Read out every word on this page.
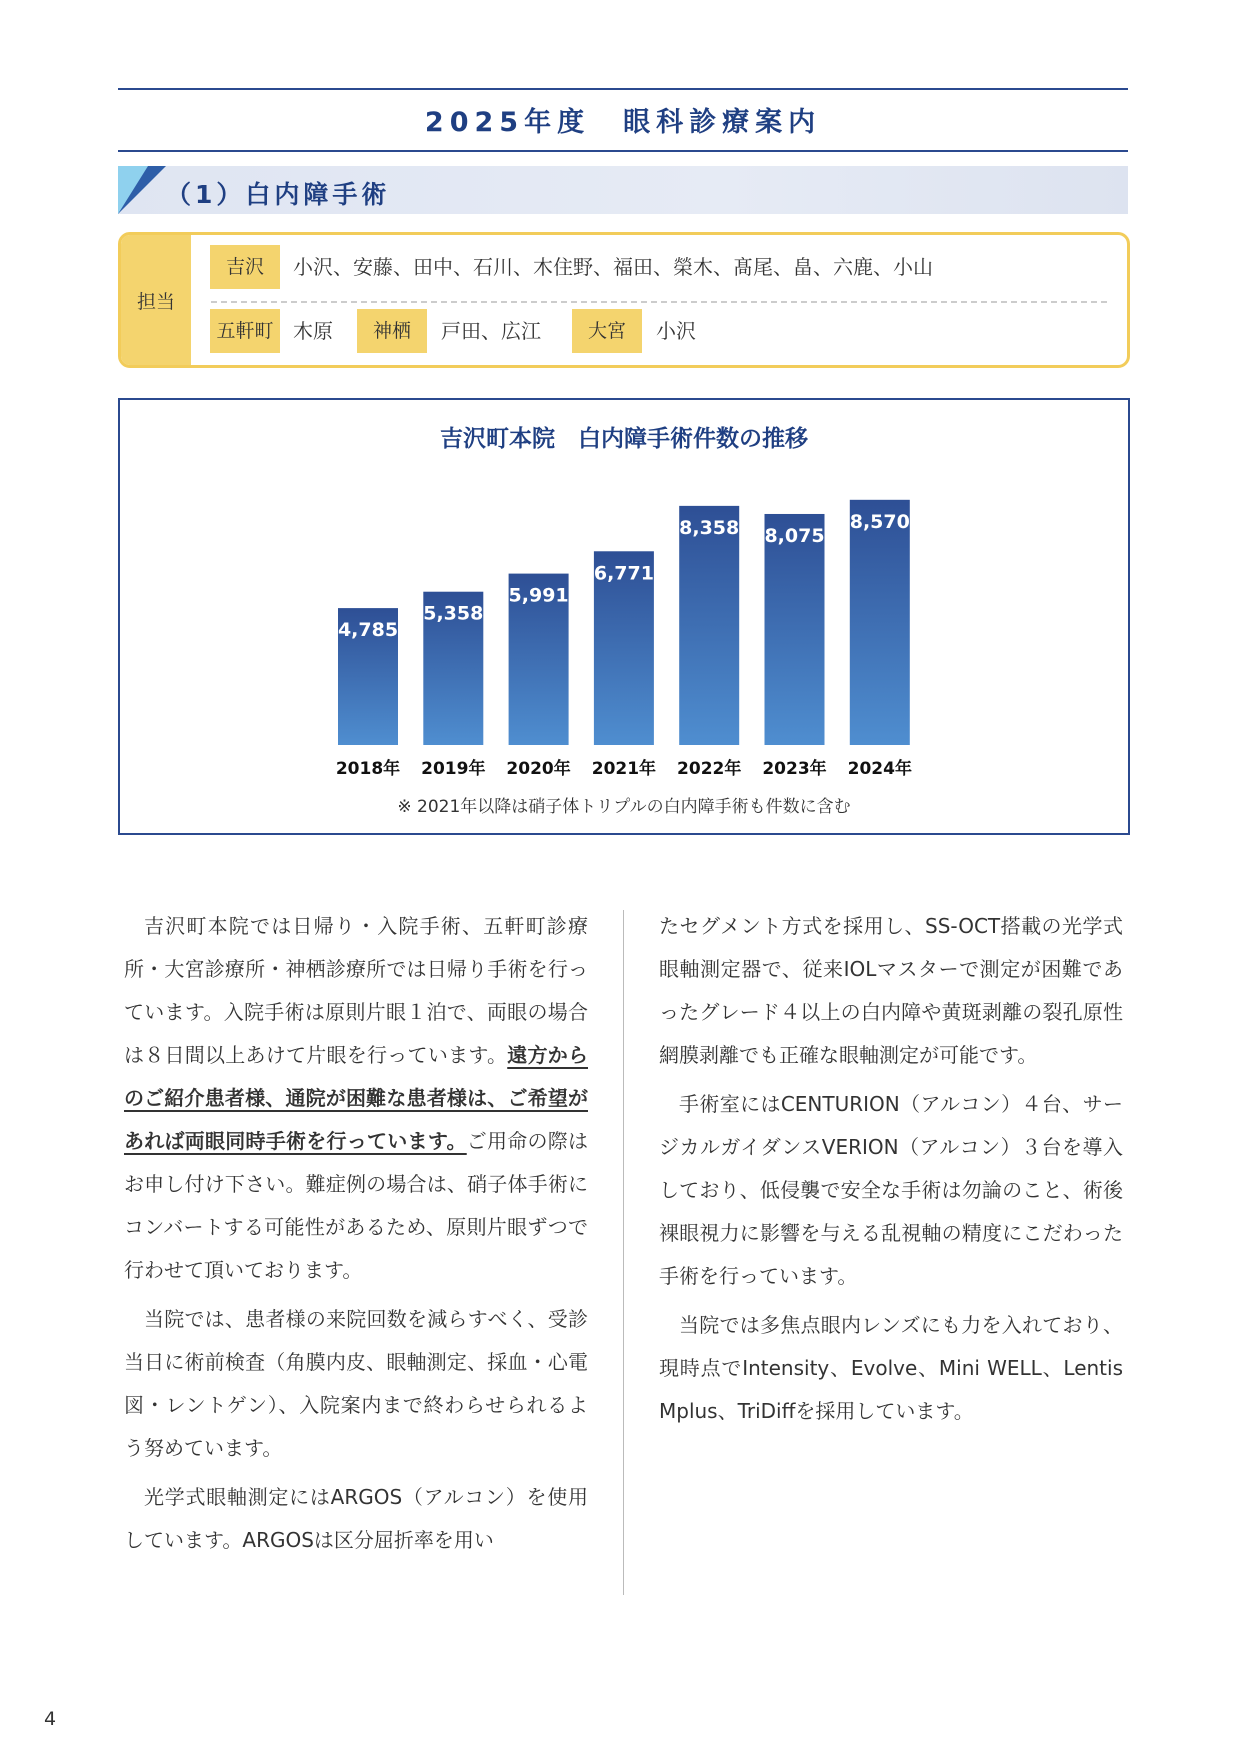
2025年度　眼科診療案内
（1）白内障手術
担当
吉沢	小沢、安藤、田中、石川、木住野、福田、榮木、髙尾、畠、六鹿、小山
五軒町 木原	神栖	戸田、広江	大宮	小沢
吉沢町本院　白内障手術件数の推移
4,785
2018年
5,358
2019年
5,991
2020年
6,771
2021年
8,358
2022年
8,075
2023年
8,570
2024年
※ 2021年以降は硝子体トリプルの白内障手術も件数に含む

吉沢町本院では日帰り・入院手術、五軒町診療所・大宮診療所・神栖診療所では日帰り手術を行っています。入院手術は原則片眼１泊で、両眼の場合は８日間以上あけて片眼を行っています。遠方からのご紹介患者様、通院が困難な患者様は、ご希望があれば両眼同時手術を行っています。ご用命の際はお申し付け下さい。難症例の場合は、硝子体手術にコンバートする可能性があるため、原則片眼ずつで行わせて頂いております。

当院では、患者様の来院回数を減らすべく、受診当日に術前検査（角膜内皮、眼軸測定、採血・心電図・レントゲン）、入院案内まで終わらせられるよう努めています。

光学式眼軸測定にはARGOS（アルコン）を使用しています。ARGOSは区分屈折率を用い

たセグメント方式を採用し、SS-OCT搭載の光学式眼軸測定器で、従来IOLマスターで測定が困難であったグレード４以上の白内障や黄斑剥離の裂孔原性網膜剥離でも正確な眼軸測定が可能です。

手術室にはCENTURION（アルコン）４台、サージカルガイダンスVERION（アルコン）３台を導入しており、低侵襲で安全な手術は勿論のこと、術後裸眼視力に影響を与える乱視軸の精度にこだわった手術を行っています。

当院では多焦点眼内レンズにも力を入れており、現時点でIntensity、Evolve、Mini WELL、Lentis Mplus、TriDiffを採用しています。

4
